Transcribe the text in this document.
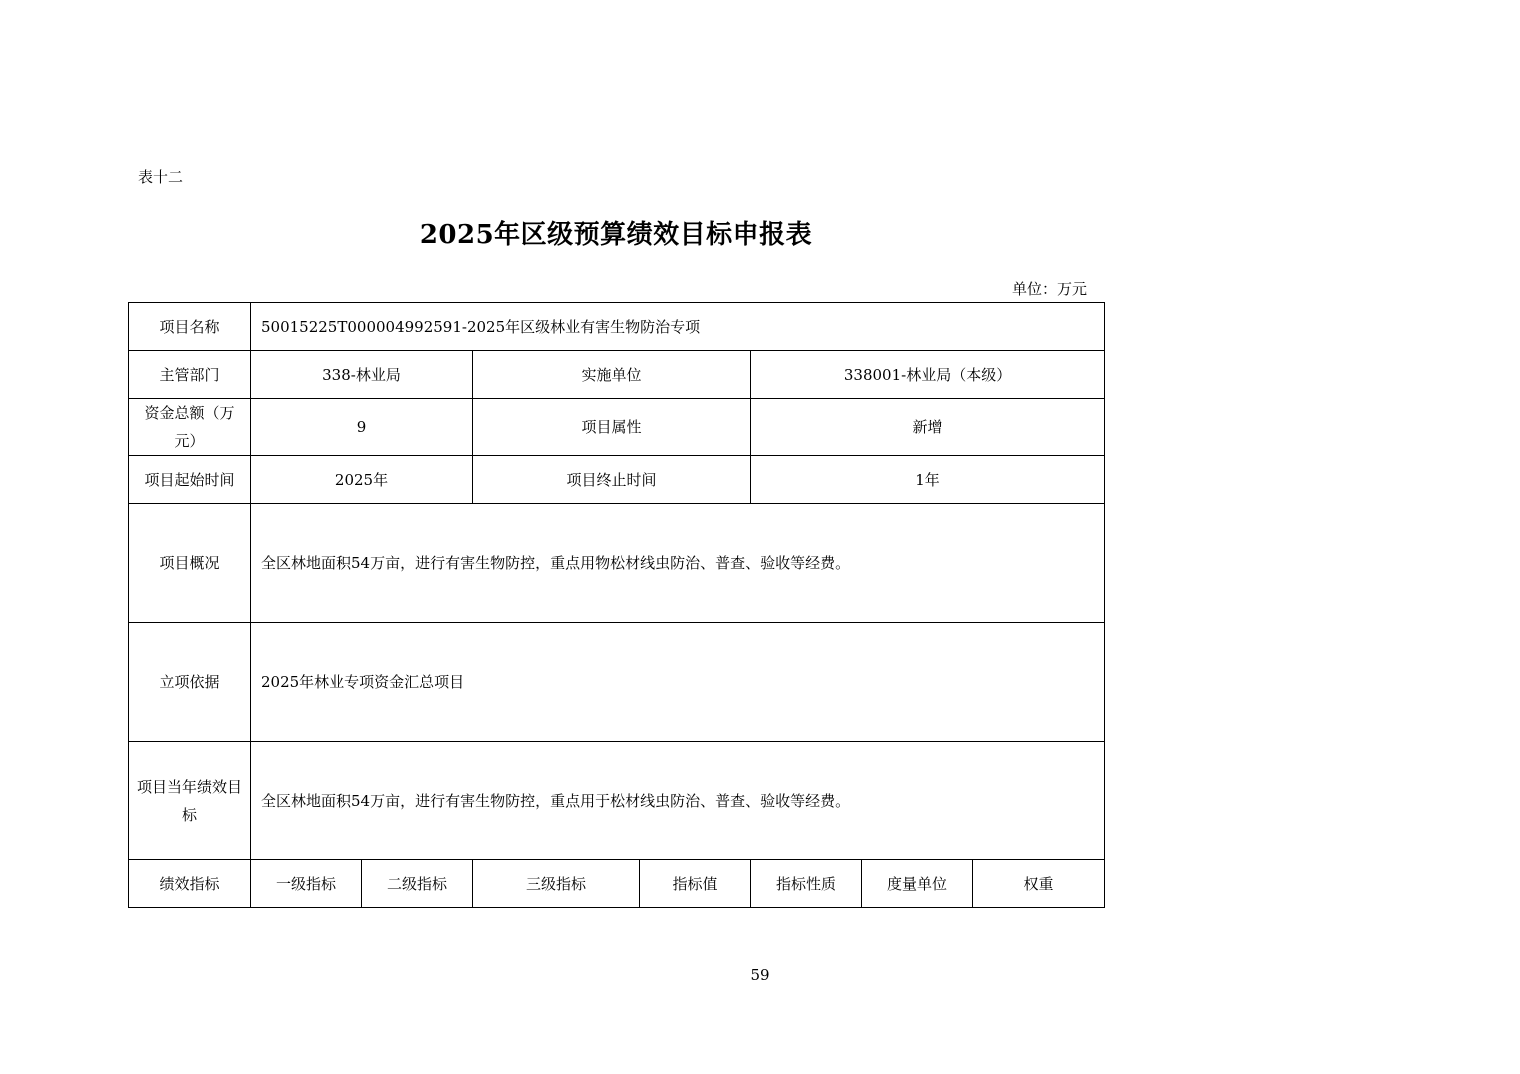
表十二
2025年区级预算绩效目标申报表
单位：万元
项目名称	50015225T000004992591-2025年区级林业有害生物防治专项						
主管部门	338-林业局		实施单位		338001-林业局（本级）		
资金总额（万元）	9		项目属性		新增		
项目起始时间	2025年		项目终止时间		1年		
项目概况	全区林地面积54万亩，进行有害生物防控，重点用物松材线虫防治、普查、验收等经费。						
立项依据	2025年林业专项资金汇总项目						
项目当年绩效目标	全区林地面积54万亩，进行有害生物防控，重点用于松材线虫防治、普查、验收等经费。						
绩效指标	一级指标	二级指标	三级指标	指标值	指标性质	度量单位	权重
59
